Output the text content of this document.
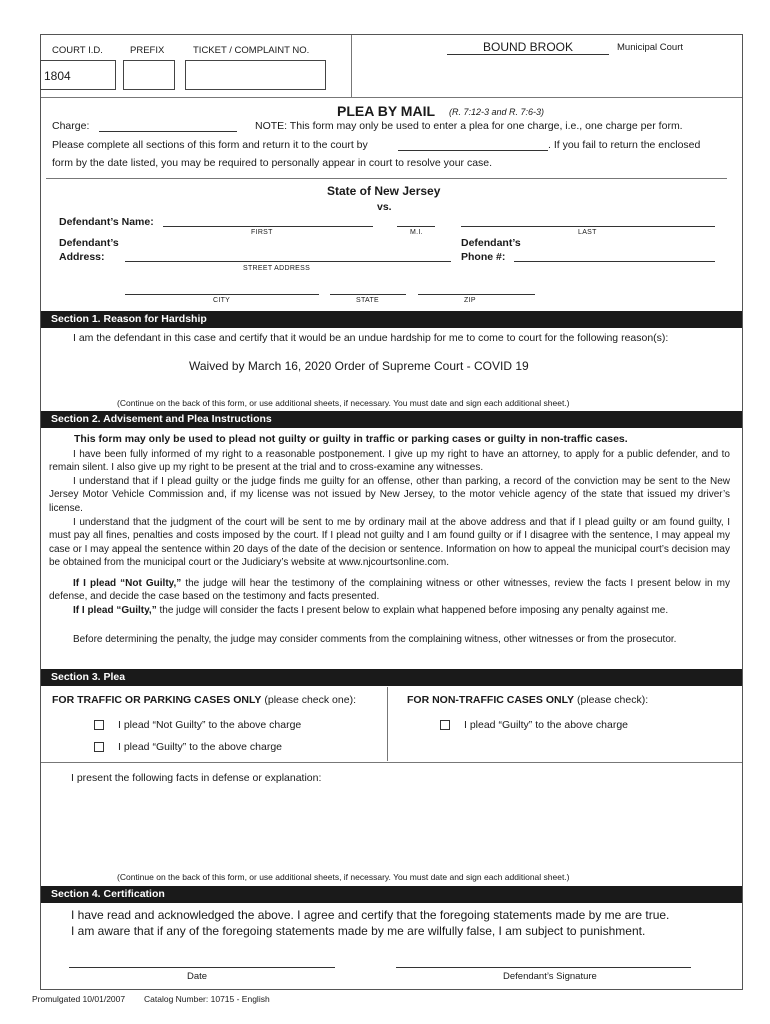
COURT I.D.	PREFIX	TICKET / COMPLAINT NO.
1804
BOUND BROOK	Municipal Court
PLEA BY MAIL (R. 7:12-3 and R. 7:6-3)
Charge:	NOTE: This form may only be used to enter a plea for one charge, i.e., one charge per form.
Please complete all sections of this form and return it to the court by	. If you fail to return the enclosed
form by the date listed, you may be required to personally appear in court to resolve your case.
State of New Jersey
vs.
Defendant’s Name:
FIRST	M.I.	LAST
Defendant’s
Address:
STREET ADDRESS
Defendant’s
Phone #:
CITY	STATE	ZIP
Section 1. Reason for Hardship
I am the defendant in this case and certify that it would be an undue hardship for me to come to court for the following reason(s):
Waived by March 16, 2020 Order of Supreme Court - COVID 19
(Continue on the back of this form, or use additional sheets, if necessary. You must date and sign each additional sheet.)
Section 2. Advisement and Plea Instructions
This form may only be used to plead not guilty or guilty in traffic or parking cases or guilty in non-traffic cases.
I have been fully informed of my right to a reasonable postponement. I give up my right to have an attorney, to apply for a public defender, and to remain silent. I also give up my right to be present at the trial and to cross-examine any witnesses.
I understand that if I plead guilty or the judge finds me guilty for an offense, other than parking, a record of the conviction may be sent to the New Jersey Motor Vehicle Commission and, if my license was not issued by New Jersey, to the motor vehicle agency of the state that issued my driver’s license.
I understand that the judgment of the court will be sent to me by ordinary mail at the above address and that if I plead guilty or am found guilty, I must pay all fines, penalties and costs imposed by the court. If I plead not guilty and I am found guilty or if I disagree with the sentence, I may appeal my case or I may appeal the sentence within 20 days of the date of the decision or sentence. Information on how to appeal the municipal court’s decision may be obtained from the municipal court or the Judiciary’s website at www.njcourtsonline.com.
If I plead “Not Guilty,” the judge will hear the testimony of the complaining witness or other witnesses, review the facts I present below in my defense, and decide the case based on the testimony and facts presented.
If I plead “Guilty,” the judge will consider the facts I present below to explain what happened before imposing any penalty against me.
Before determining the penalty, the judge may consider comments from the complaining witness, other witnesses or from the prosecutor.
Section 3. Plea
FOR TRAFFIC OR PARKING CASES ONLY (please check one):	FOR NON-TRAFFIC CASES ONLY (please check):
I plead “Not Guilty” to the above charge
I plead “Guilty” to the above charge
I plead “Guilty” to the above charge
I present the following facts in defense or explanation:
(Continue on the back of this form, or use additional sheets, if necessary. You must date and sign each additional sheet.)
Section 4. Certification
I have read and acknowledged the above. I agree and certify that the foregoing statements made by me are true.
I am aware that if any of the foregoing statements made by me are wilfully false, I am subject to punishment.
Date	Defendant’s Signature
Promulgated 10/01/2007 Catalog Number: 10715 - English
